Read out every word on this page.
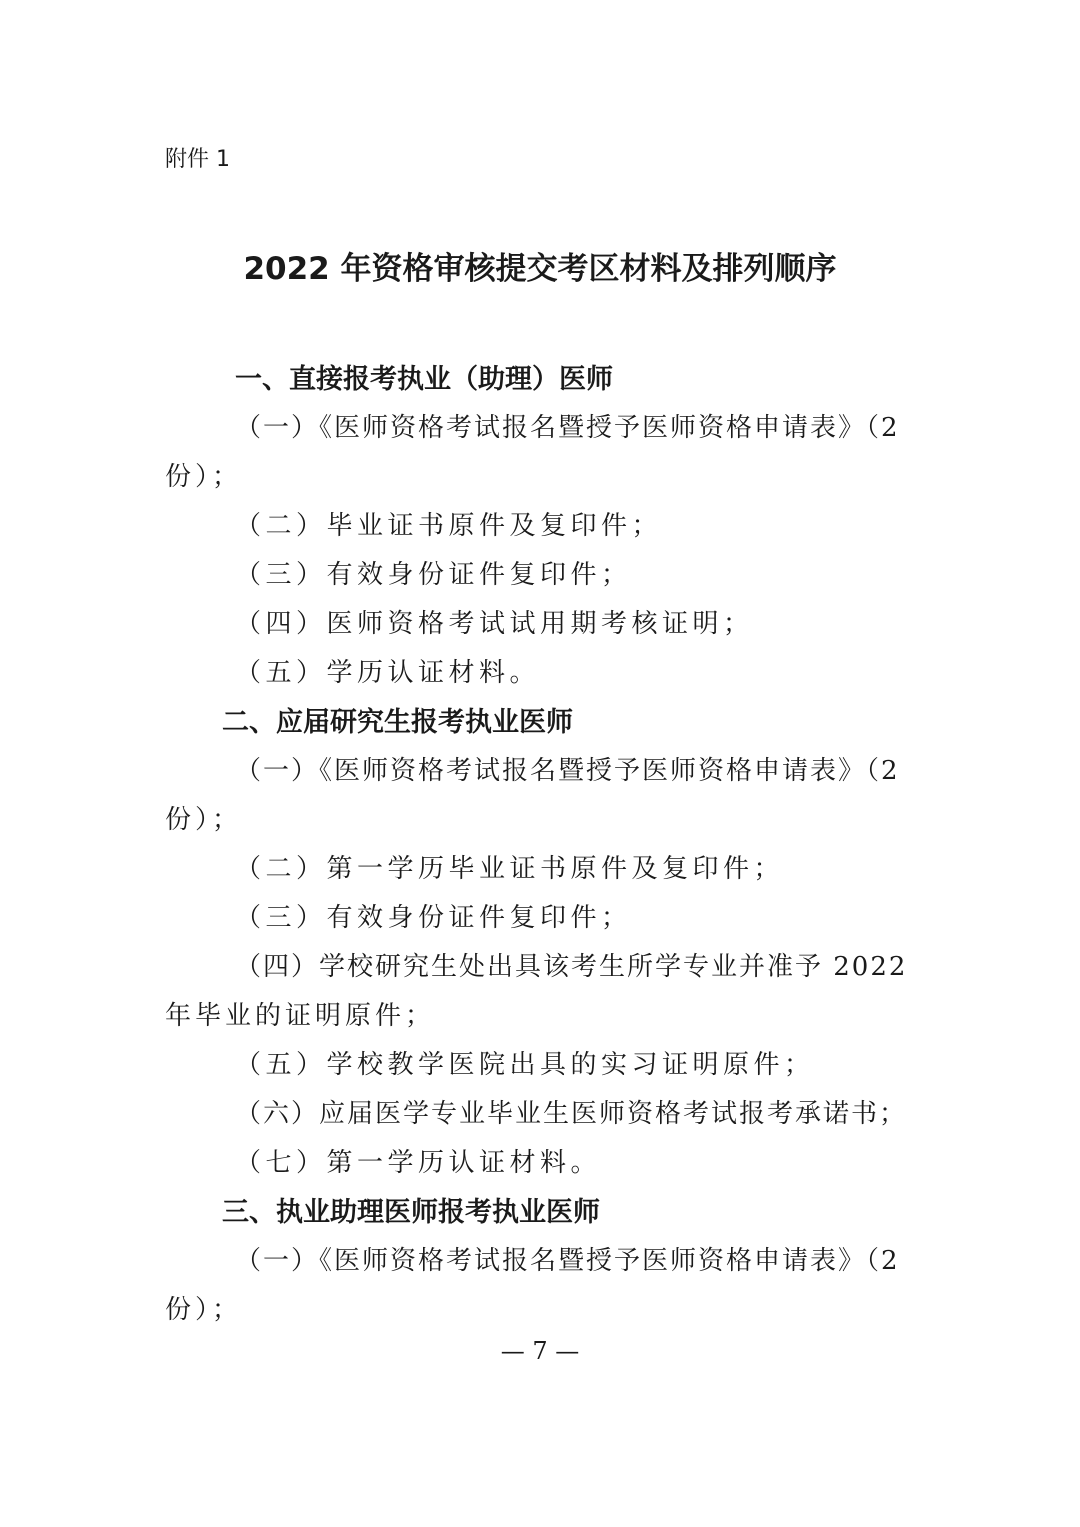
附件 1
2022 年资格审核提交考区材料及排列顺序
一、直接报考执业（助理）医师
（一）《医师资格考试报名暨授予医师资格申请表》（2
份）；
（二）毕业证书原件及复印件；
（三）有效身份证件复印件；
（四）医师资格考试试用期考核证明；
（五）学历认证材料。
二、应届研究生报考执业医师
（一）《医师资格考试报名暨授予医师资格申请表》（2
份）；
（二）第一学历毕业证书原件及复印件；
（三）有效身份证件复印件；
（四）学校研究生处出具该考生所学专业并准予 2022
年毕业的证明原件；
（五）学校教学医院出具的实习证明原件；
（六）应届医学专业毕业生医师资格考试报考承诺书；
（七）第一学历认证材料。
三、执业助理医师报考执业医师
（一）《医师资格考试报名暨授予医师资格申请表》（2
份）；
— 7 —
